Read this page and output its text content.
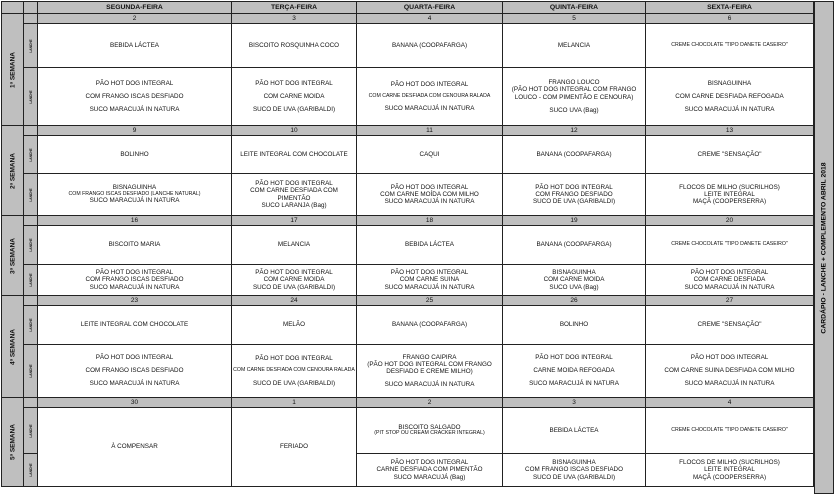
		SEGUNDA-FEIRA	TERÇA-FEIRA	QUARTA-FEIRA	QUINTA-FEIRA	SEXTA-FEIRA

1ª SEMANA		2	3	4	5	6

	LANCHE	BEBIDA LÁCTEA	BISCOITO ROSQUINHA COCO	BANANA (COOPAFARGA)	MELANCIA	CREME CHOCOLATE "TIPO DANETE CASEIRO"

	LANCHE	PÃO HOT DOG INTEGRAL
COM FRANGO ISCAS DESFIADO
SUCO MARACUJÁ IN NATURA	PÃO HOT DOG INTEGRAL
COM CARNE MOIDA
SUCO DE UVA (GARIBALDI)	PÃO HOT DOG INTEGRAL
COM CARNE DESFIADA COM CENOURA RALADA
SUCO MARACUJÁ IN NATURA	FRANGO LOUCO
(PÃO HOT DOG INTEGRAL COM FRANGO
LOUCO - COM PIMENTÃO E CENOURA)
SUCO UVA (Bag)	BISNAGUINHA
COM CARNE DESFIADA REFOGADA
SUCO MARACUJÁ IN NATURA

2ª SEMANA		9	10	11	12	13

	LANCHE	BOLINHO	LEITE INTEGRAL COM CHOCOLATE	CAQUI	BANANA (COOPAFARGA)	CREME "SENSAÇÃO"

	LANCHE	BISNAGUINHA
COM FRANGO ISCAS DESFIADO (LANCHE NATURAL)
SUCO MARACUJÁ IN NATURA	PÃO HOT DOG INTEGRAL
COM CARNE DESFIADA COM
PIMENTÃO
SUCO LARANJA (Bag)	PÃO HOT DOG INTEGRAL
COM CARNE MOÍDA COM MILHO
SUCO MARACUJÁ IN NATURA	PÃO HOT DOG INTEGRAL
COM FRANGO DESFIADO
SUCO DE UVA (GARIBALDI)	FLOCOS DE MILHO (SUCRILHOS)
LEITE INTEGRAL
MAÇÃ (COOPERSERRA)

3ª SEMANA		16	17	18	19	20

	LANCHE	BISCOITO MARIA	MELANCIA	BEBIDA LÁCTEA	BANANA (COOPAFARGA)	CREME CHOCOLATE "TIPO DANETE CASEIRO"

	LANCHE	PÃO HOT DOG INTEGRAL
COM FRANGO ISCAS DESFIADO
SUCO MARACUJÁ IN NATURA	PÃO HOT DOG INTEGRAL
COM CARNE MOIDA
SUCO DE UVA (GARIBALDI)	PÃO HOT DOG INTEGRAL
COM CARNE SUINA
SUCO MARACUJÁ IN NATURA	BISNAGUINHA
COM CARNE MOIDA
SUCO UVA (Bag)	PÃO HOT DOG INTEGRAL
COM CARNE DESFIADA
SUCO MARACUJÁ IN NATURA

4ª SEMANA		23	24	25	26	27

	LANCHE	LEITE INTEGRAL COM CHOCOLATE	MELÃO	BANANA (COOPAFARGA)	BOLINHO	CREME "SENSAÇÃO"

	LANCHE	PÃO HOT DOG INTEGRAL
COM FRANGO ISCAS DESFIADO
SUCO MARACUJÁ IN NATURA	PÃO HOT DOG INTEGRAL
COM CARNE DESFIADA COM CENOURA RALADA
SUCO DE UVA (GARIBALDI)	FRANGO CAIPIRA
(PÃO HOT DOG INTEGRAL COM FRANGO
DESFIADO E CREME MILHO)
SUCO MARACUJÁ IN NATURA	PÃO HOT DOG INTEGRAL
CARNE MOIDA REFOGADA
SUCO MARACUJÁ IN NATURA	PÃO HOT DOG INTEGRAL
COM CARNE SUINA DESFIADA COM MILHO
SUCO MARACUJÁ IN NATURA

5ª SEMANA		30	1	2	3	4

	LANCHE	À COMPENSAR	FERIADO	BISCOITO SALGADO
(PIT STOP OU CREAM CRACKER INTEGRAL)	BEBIDA LÁCTEA	CREME CHOCOLATE "TIPO DANETE CASEIRO"

	LANCHE			PÃO HOT DOG INTEGRAL
CARNE DESFIADA COM PIMENTÃO
SUCO MARACUJÁ (Bag)	BISNAGUINHA
COM FRANGO ISCAS DESFIADO
SUCO DE UVA (GARIBALDI)	FLOCOS DE MILHO (SUCRILHOS)
LEITE INTEGRAL
MAÇÃ (COOPERSERRA)
CARDÁPIO - LANCHE + COMPLEMENTO ABRIL 2018
